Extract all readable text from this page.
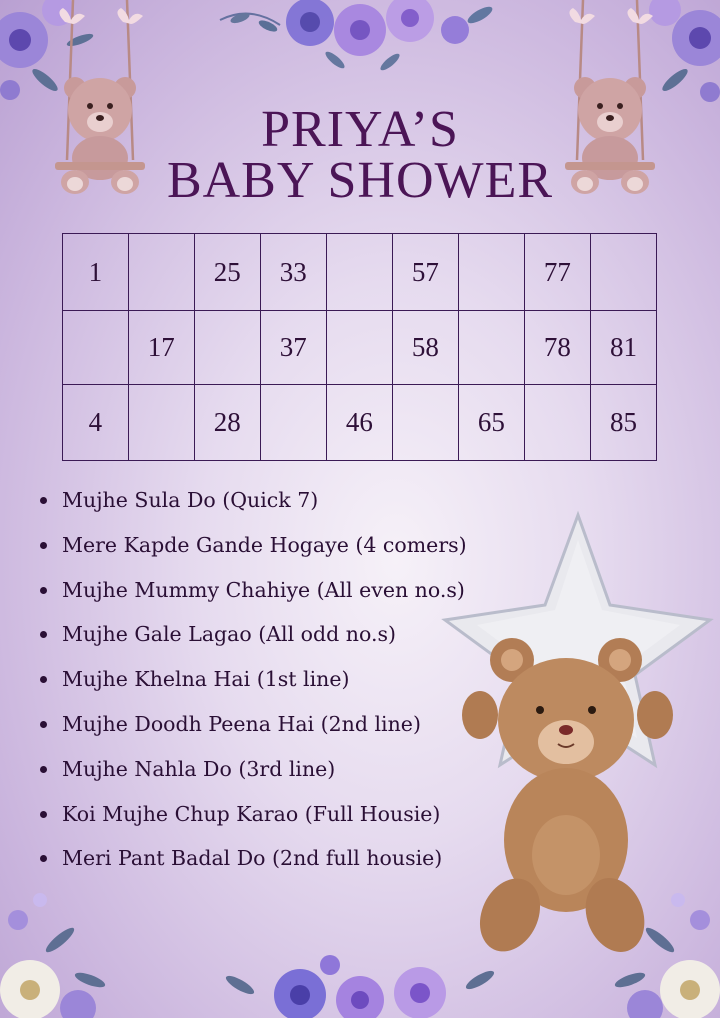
PRIYA’S
BABY SHOWER
1		25	33		57		77	
	17		37		58		78	81
4		28		46		65		85
Mujhe Sula Do (Quick 7)
Mere Kapde Gande Hogaye (4 comers)
Mujhe Mummy Chahiye (All even no.s)
Mujhe Gale Lagao (All odd no.s)
Mujhe Khelna Hai (1st line)
Mujhe Doodh Peena Hai (2nd line)
Mujhe Nahla Do (3rd line)
Koi Mujhe Chup Karao (Full Housie)
Meri Pant Badal Do (2nd full housie)
